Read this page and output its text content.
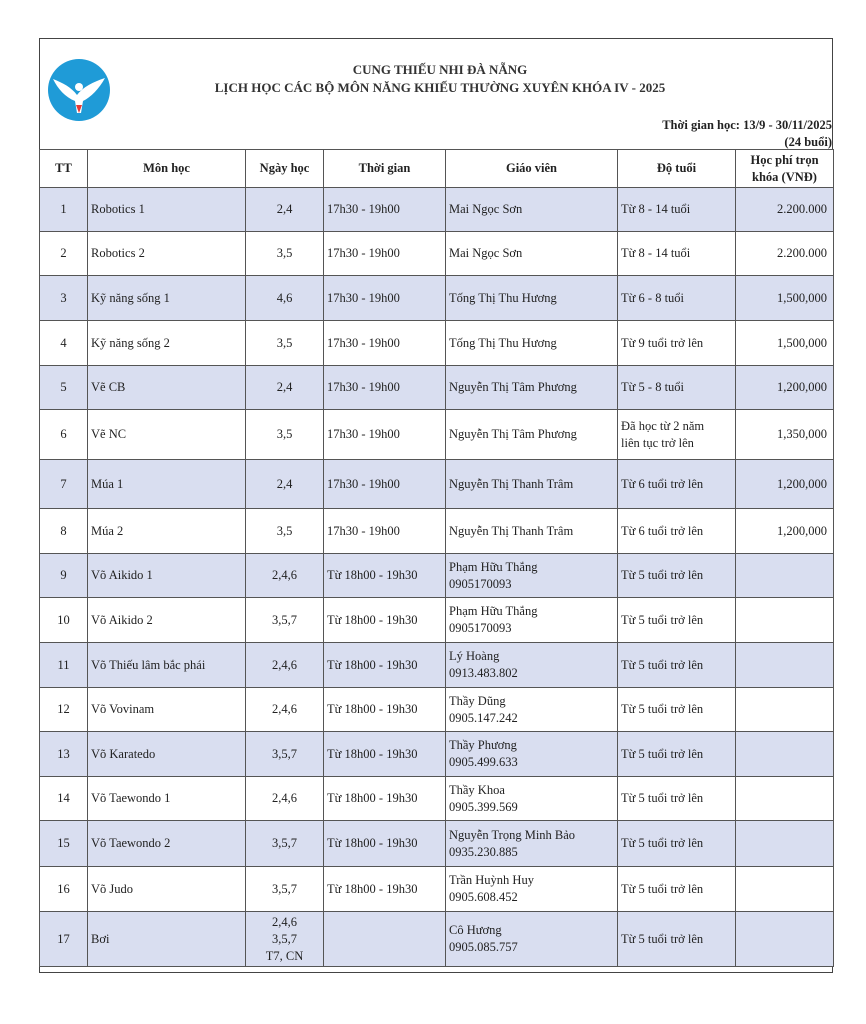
CUNG THIẾU NHI ĐÀ NẴNG
LỊCH HỌC CÁC BỘ MÔN NĂNG KHIẾU THƯỜNG XUYÊN KHÓA IV - 2025
Thời gian học: 13/9 - 30/11/2025
(24 buổi)
TT	Môn học	Ngày học	Thời gian	Giáo viên	Độ tuổi	Học phí trọn khóa (VNĐ)
1	Robotics 1	2,4	17h30 - 19h00	Mai Ngọc Sơn	Từ 8 - 14 tuổi	2.200.000
2	Robotics 2	3,5	17h30 - 19h00	Mai Ngọc Sơn	Từ 8 - 14 tuổi	2.200.000
3	Kỹ năng sống 1	4,6	17h30 - 19h00	Tống Thị Thu Hương	Từ 6 - 8 tuổi	1,500,000
4	Kỹ năng sống 2	3,5	17h30 - 19h00	Tống Thị Thu Hương	Từ 9 tuổi trở lên	1,500,000
5	Vẽ CB	2,4	17h30 - 19h00	Nguyễn Thị Tâm Phương	Từ 5 - 8 tuổi	1,200,000
6	Vẽ NC	3,5	17h30 - 19h00	Nguyễn Thị Tâm Phương	Đã học từ 2 năm
liên tục trở lên	1,350,000
7	Múa 1	2,4	17h30 - 19h00	Nguyễn Thị Thanh Trâm	Từ 6 tuổi trở lên	1,200,000
8	Múa 2	3,5	17h30 - 19h00	Nguyễn Thị Thanh Trâm	Từ 6 tuổi trở lên	1,200,000
9	Võ Aikido 1	2,4,6	Từ 18h00 - 19h30	Phạm Hữu Thắng
0905170093	Từ 5 tuổi trở lên	
10	Võ Aikido 2	3,5,7	Từ 18h00 - 19h30	Phạm Hữu Thắng
0905170093	Từ 5 tuổi trở lên	
11	Võ Thiếu lâm bắc phái	2,4,6	Từ 18h00 - 19h30	Lý Hoàng
0913.483.802	Từ 5 tuổi trở lên	
12	Võ Vovinam	2,4,6	Từ 18h00 - 19h30	Thầy Dũng
0905.147.242	Từ 5 tuổi trở lên	
13	Võ Karatedo	3,5,7	Từ 18h00 - 19h30	Thầy Phương
0905.499.633	Từ 5 tuổi trở lên	
14	Võ Taewondo 1	2,4,6	Từ 18h00 - 19h30	Thầy Khoa
0905.399.569	Từ 5 tuổi trở lên	
15	Võ Taewondo 2	3,5,7	Từ 18h00 - 19h30	Nguyễn Trọng Minh Bảo
0935.230.885	Từ 5 tuổi trở lên	
16	Võ Judo	3,5,7	Từ 18h00 - 19h30	Trần Huỳnh Huy
0905.608.452	Từ 5 tuổi trở lên	
17	Bơi	2,4,6
3,5,7
T7, CN		Cô Hương
0905.085.757	Từ 5 tuổi trở lên	
